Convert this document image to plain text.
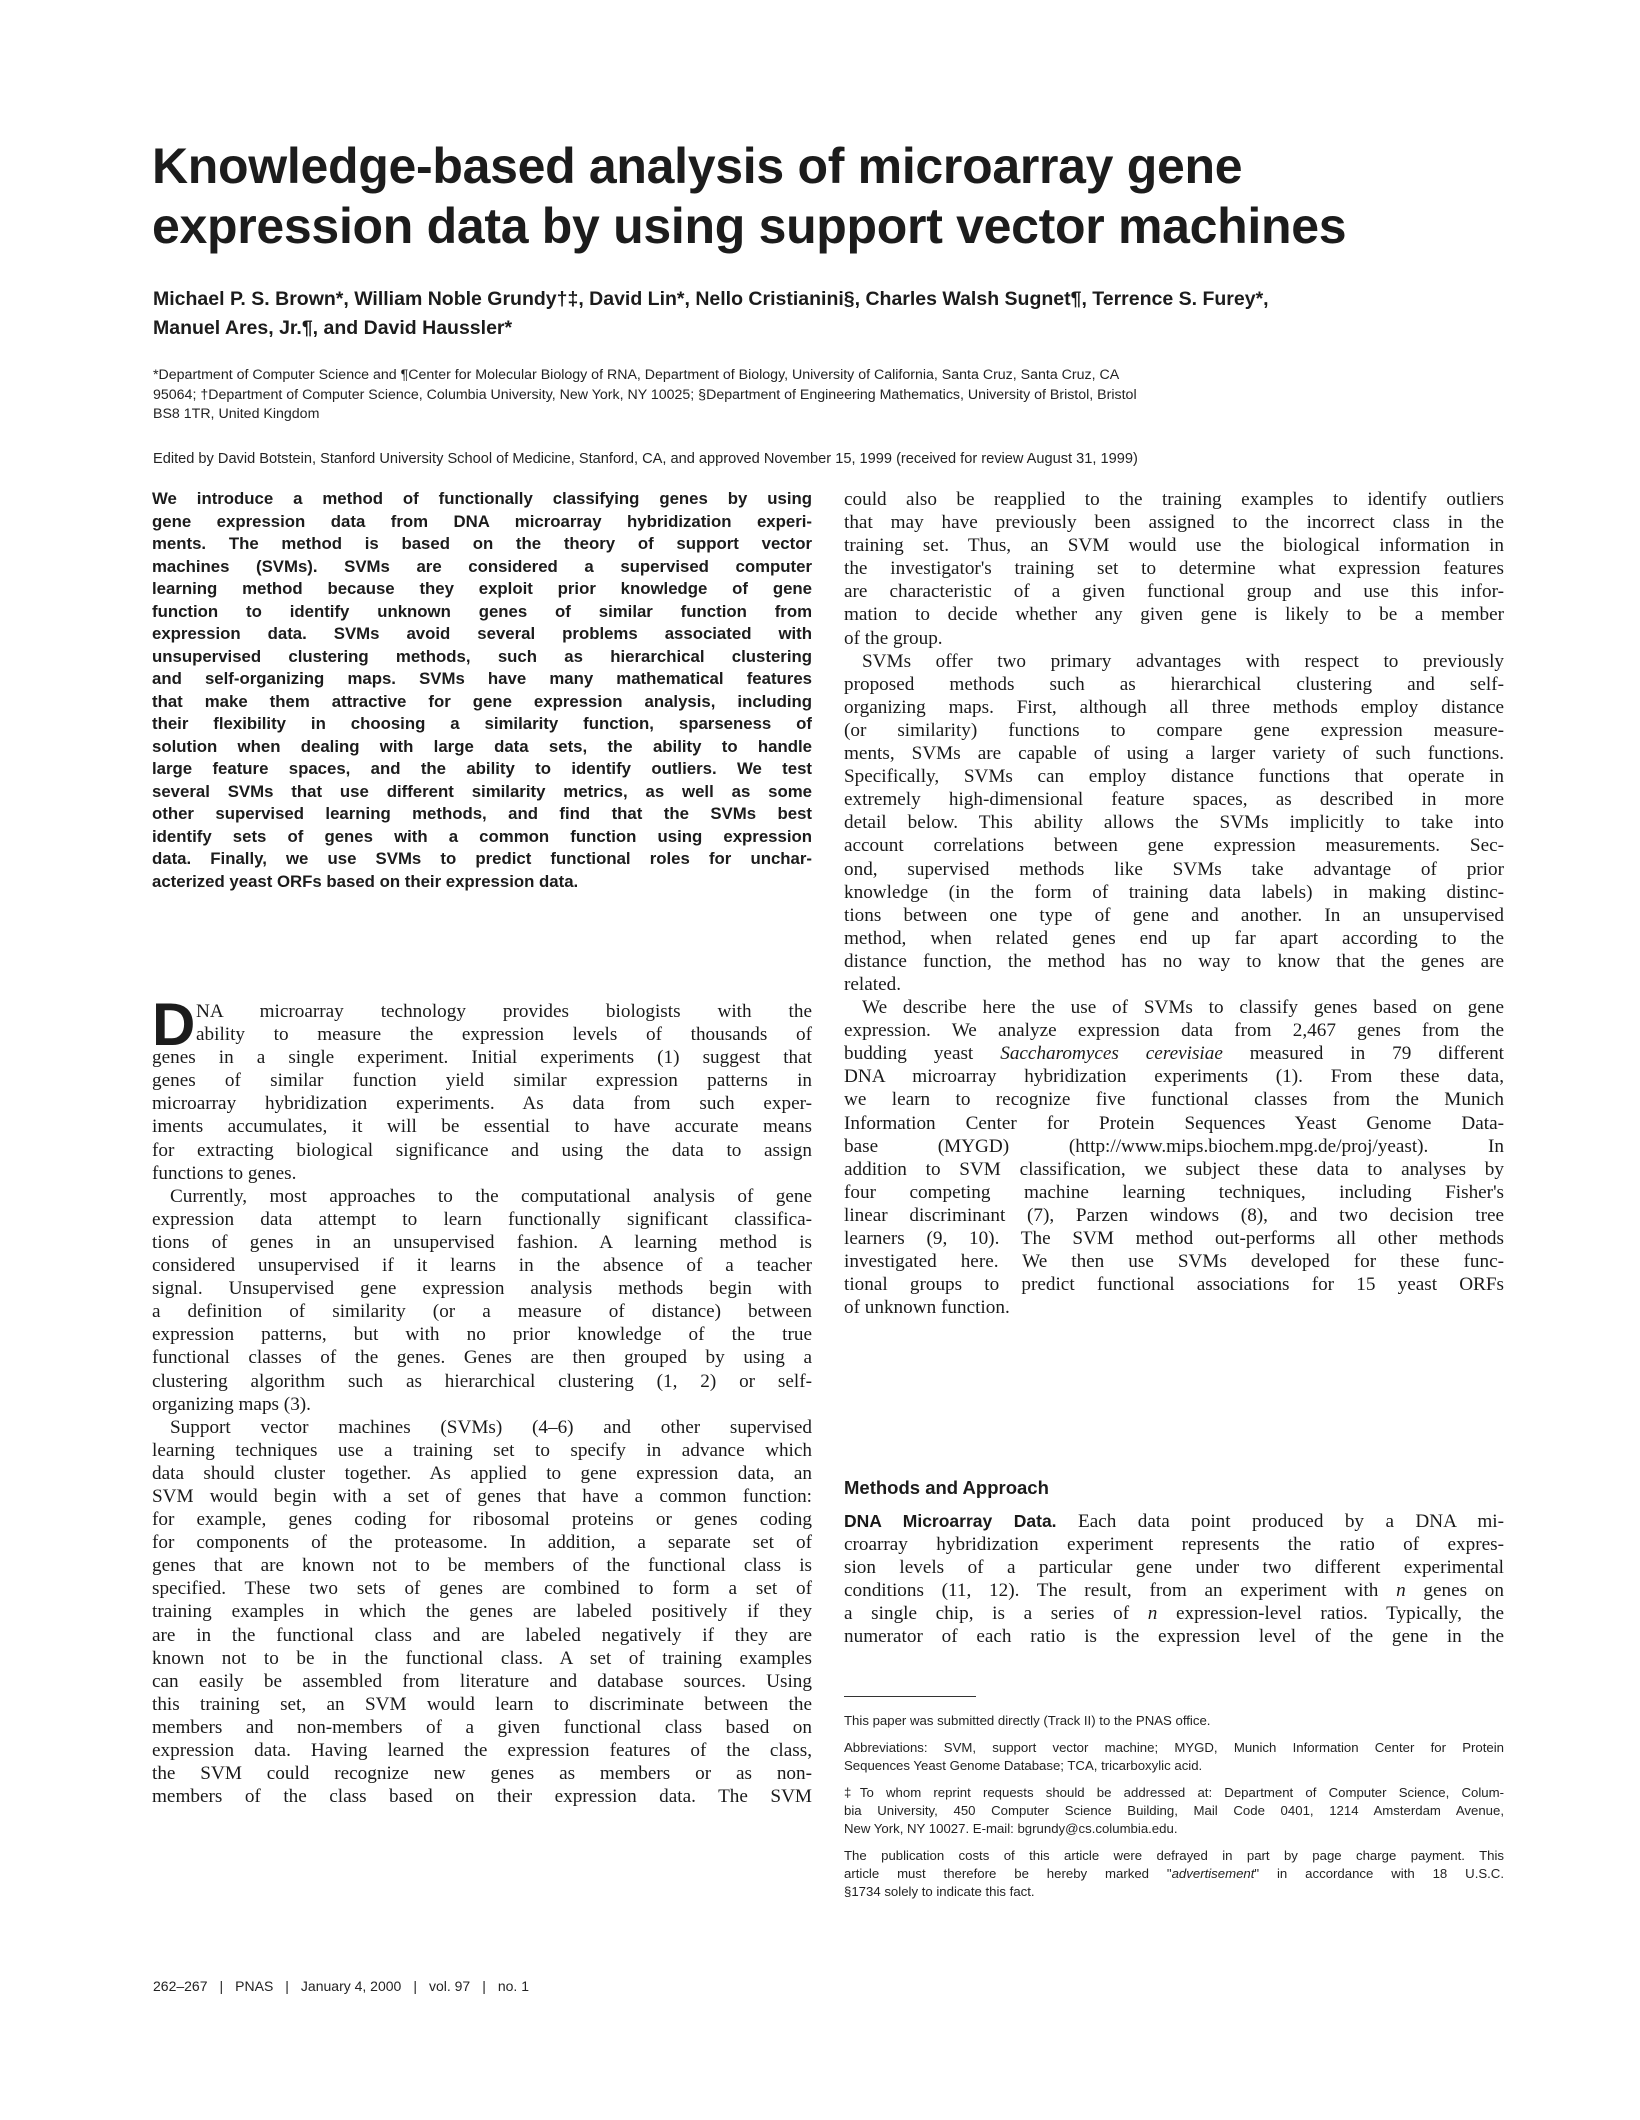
Knowledge-based analysis of microarray gene
expression data by using support vector machines
Michael P. S. Brown*, William Noble Grundy†‡, David Lin*, Nello Cristianini§, Charles Walsh Sugnet¶, Terrence S. Furey*,
Manuel Ares, Jr.¶, and David Haussler*
*Department of Computer Science and ¶Center for Molecular Biology of RNA, Department of Biology, University of California, Santa Cruz, Santa Cruz, CA
95064; †Department of Computer Science, Columbia University, New York, NY 10025; §Department of Engineering Mathematics, University of Bristol, Bristol
BS8 1TR, United Kingdom
Edited by David Botstein, Stanford University School of Medicine, Stanford, CA, and approved November 15, 1999 (received for review August 31, 1999)
We introduce a method of functionally classifying genes by using
gene expression data from DNA microarray hybridization experi-
ments. The method is based on the theory of support vector
machines (SVMs). SVMs are considered a supervised computer
learning method because they exploit prior knowledge of gene
function to identify unknown genes of similar function from
expression data. SVMs avoid several problems associated with
unsupervised clustering methods, such as hierarchical clustering
and self-organizing maps. SVMs have many mathematical features
that make them attractive for gene expression analysis, including
their flexibility in choosing a similarity function, sparseness of
solution when dealing with large data sets, the ability to handle
large feature spaces, and the ability to identify outliers. We test
several SVMs that use different similarity metrics, as well as some
other supervised learning methods, and find that the SVMs best
identify sets of genes with a common function using expression
data. Finally, we use SVMs to predict functional roles for unchar-
acterized yeast ORFs based on their expression data.
D NA microarray technology provides biologists with the
ability to measure the expression levels of thousands of
genes in a single experiment. Initial experiments (1) suggest that
genes of similar function yield similar expression patterns in
microarray hybridization experiments. As data from such exper-
iments accumulates, it will be essential to have accurate means
for extracting biological significance and using the data to assign
functions to genes.
Currently, most approaches to the computational analysis of gene
expression data attempt to learn functionally significant classifica-
tions of genes in an unsupervised fashion. A learning method is
considered unsupervised if it learns in the absence of a teacher
signal. Unsupervised gene expression analysis methods begin with
a definition of similarity (or a measure of distance) between
expression patterns, but with no prior knowledge of the true
functional classes of the genes. Genes are then grouped by using a
clustering algorithm such as hierarchical clustering (1, 2) or self-
organizing maps (3).
Support vector machines (SVMs) (4–6) and other supervised
learning techniques use a training set to specify in advance which
data should cluster together. As applied to gene expression data, an
SVM would begin with a set of genes that have a common function:
for example, genes coding for ribosomal proteins or genes coding
for components of the proteasome. In addition, a separate set of
genes that are known not to be members of the functional class is
specified. These two sets of genes are combined to form a set of
training examples in which the genes are labeled positively if they
are in the functional class and are labeled negatively if they are
known not to be in the functional class. A set of training examples
can easily be assembled from literature and database sources. Using
this training set, an SVM would learn to discriminate between the
members and non-members of a given functional class based on
expression data. Having learned the expression features of the class,
the SVM could recognize new genes as members or as non-
members of the class based on their expression data. The SVM
could also be reapplied to the training examples to identify outliers
that may have previously been assigned to the incorrect class in the
training set. Thus, an SVM would use the biological information in
the investigator's training set to determine what expression features
are characteristic of a given functional group and use this infor-
mation to decide whether any given gene is likely to be a member
of the group.
SVMs offer two primary advantages with respect to previously
proposed methods such as hierarchical clustering and self-
organizing maps. First, although all three methods employ distance
(or similarity) functions to compare gene expression measure-
ments, SVMs are capable of using a larger variety of such functions.
Specifically, SVMs can employ distance functions that operate in
extremely high-dimensional feature spaces, as described in more
detail below. This ability allows the SVMs implicitly to take into
account correlations between gene expression measurements. Sec-
ond, supervised methods like SVMs take advantage of prior
knowledge (in the form of training data labels) in making distinc-
tions between one type of gene and another. In an unsupervised
method, when related genes end up far apart according to the
distance function, the method has no way to know that the genes are
related.
We describe here the use of SVMs to classify genes based on gene
expression. We analyze expression data from 2,467 genes from the
budding yeast Saccharomyces cerevisiae measured in 79 different
DNA microarray hybridization experiments (1). From these data,
we learn to recognize five functional classes from the Munich
Information Center for Protein Sequences Yeast Genome Data-
base (MYGD) (http://www.mips.biochem.mpg.de/proj/yeast). In
addition to SVM classification, we subject these data to analyses by
four competing machine learning techniques, including Fisher's
linear discriminant (7), Parzen windows (8), and two decision tree
learners (9, 10). The SVM method out-performs all other methods
investigated here. We then use SVMs developed for these func-
tional groups to predict functional associations for 15 yeast ORFs
of unknown function.
Methods and Approach
DNA Microarray Data. Each data point produced by a DNA mi-
croarray hybridization experiment represents the ratio of expres-
sion levels of a particular gene under two different experimental
conditions (11, 12). The result, from an experiment with n genes on
a single chip, is a series of n expression-level ratios. Typically, the
numerator of each ratio is the expression level of the gene in the
This paper was submitted directly (Track II) to the PNAS office.
Abbreviations: SVM, support vector machine; MYGD, Munich Information Center for Protein
Sequences Yeast Genome Database; TCA, tricarboxylic acid.
‡To whom reprint requests should be addressed at: Department of Computer Science, Colum-
bia University, 450 Computer Science Building, Mail Code 0401, 1214 Amsterdam Avenue,
New York, NY 10027. E-mail: bgrundy@cs.columbia.edu.
The publication costs of this article were defrayed in part by page charge payment. This
article must therefore be hereby marked "advertisement" in accordance with 18 U.S.C.
§1734 solely to indicate this fact.
262–267 | PNAS | January 4, 2000 | vol. 97 | no. 1
